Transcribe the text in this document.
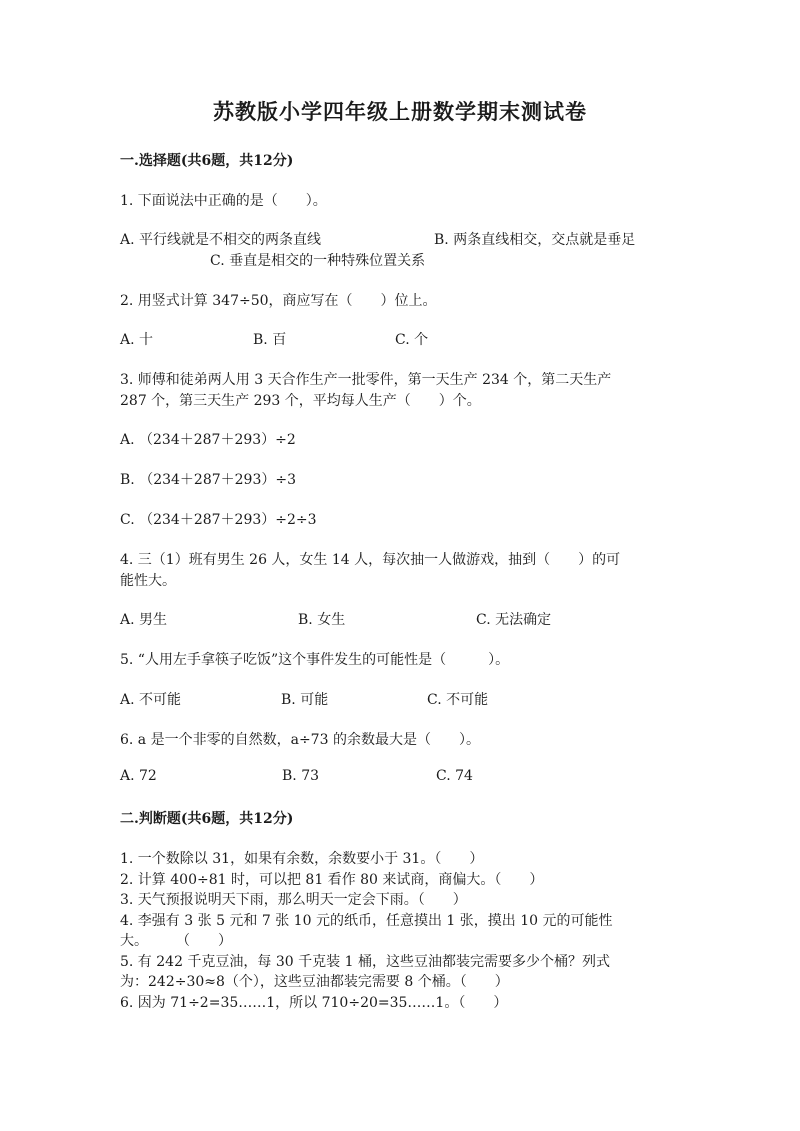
苏教版小学四年级上册数学期末测试卷
一.选择题(共6题，共12分)
1. 下面说法中正确的是（　　）。
A. 平行线就是不相交的两条直线	B. 两条直线相交，交点就是垂足
C. 垂直是相交的一种特殊位置关系
2. 用竖式计算 347÷50，商应写在（　　）位上。
A. 十	B. 百	C. 个
3. 师傅和徒弟两人用 3 天合作生产一批零件，第一天生产 234 个，第二天生产
287 个，第三天生产 293 个，平均每人生产（　　）个。
A. （234＋287＋293）÷2
B. （234＋287＋293）÷3
C. （234＋287＋293）÷2÷3
4. 三（1）班有男生 26 人，女生 14 人，每次抽一人做游戏，抽到（　　）的可
能性大。
A. 男生	B. 女生	C. 无法确定
5. “人用左手拿筷子吃饭”这个事件发生的可能性是（　　　）。
A. 不可能	B. 可能	C. 不可能
6. a 是一个非零的自然数，a÷73 的余数最大是（　　）。
A. 72	B. 73	C. 74
二.判断题(共6题，共12分)
1. 一个数除以 31，如果有余数，余数要小于 31。（　　）
2. 计算 400÷81 时，可以把 81 看作 80 来试商，商偏大。（　　）
3. 天气预报说明天下雨，那么明天一定会下雨。（　　）
4. 李强有 3 张 5 元和 7 张 10 元的纸币，任意摸出 1 张，摸出 10 元的可能性
大。　　　（　　）
5. 有 242 千克豆油，每 30 千克装 1 桶，这些豆油都装完需要多少个桶？列式
为：242÷30≈8（个），这些豆油都装完需要 8 个桶。（　　）
6. 因为 71÷2=35……1，所以 710÷20=35……1。（　　）
